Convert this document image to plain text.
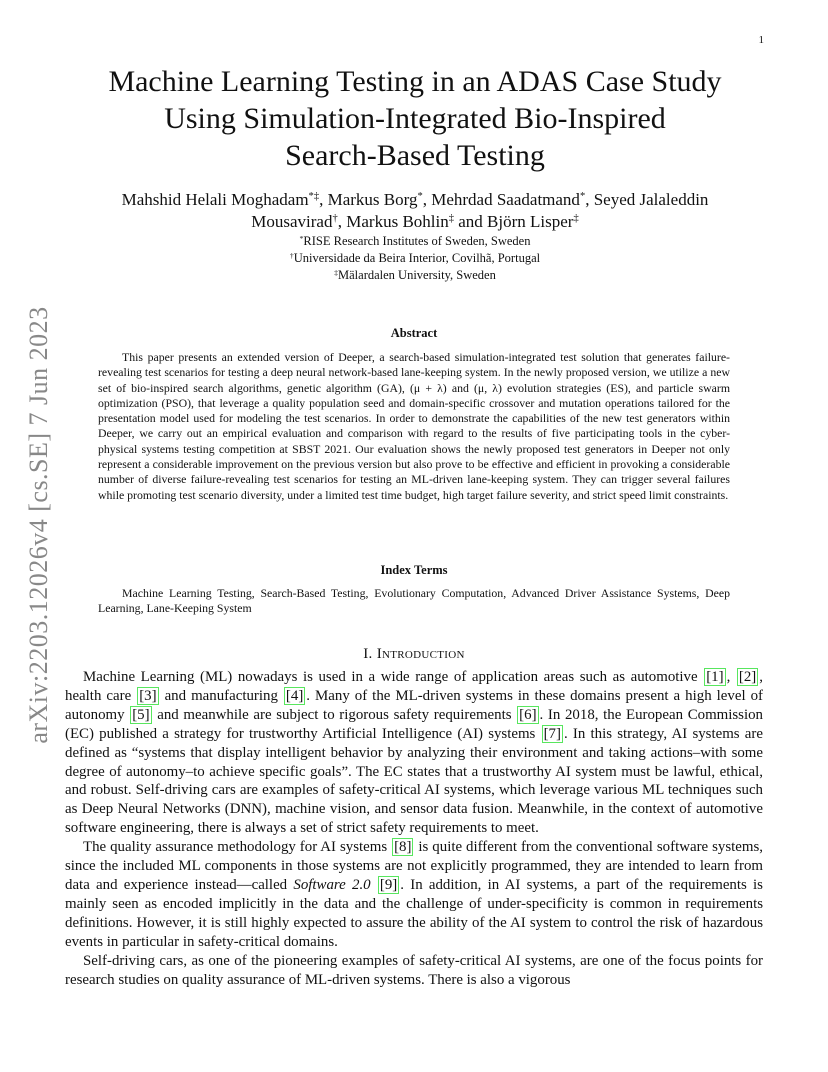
1
arXiv:2203.12026v4 [cs.SE] 7 Jun 2023
Machine Learning Testing in an ADAS Case Study
Using Simulation-Integrated Bio-Inspired
Search-Based Testing
Mahshid Helali Moghadam*‡, Markus Borg*, Mehrdad Saadatmand*, Seyed Jalaleddin
Mousavirad†, Markus Bohlin‡ and Björn Lisper‡
*RISE Research Institutes of Sweden, Sweden
†Universidade da Beira Interior, Covilhã, Portugal
‡Mälardalen University, Sweden
Abstract

This paper presents an extended version of Deeper, a search-based simulation-integrated test solution that generates failure-revealing test scenarios for testing a deep neural network-based lane-keeping system. In the newly proposed version, we utilize a new set of bio-inspired search algorithms, genetic algorithm (GA), (μ + λ) and (μ, λ) evolution strategies (ES), and particle swarm optimization (PSO), that leverage a quality population seed and domain-specific crossover and mutation operations tailored for the presentation model used for modeling the test scenarios. In order to demonstrate the capabilities of the new test generators within Deeper, we carry out an empirical evaluation and comparison with regard to the results of five participating tools in the cyber-physical systems testing competition at SBST 2021. Our evaluation shows the newly proposed test generators in Deeper not only represent a considerable improvement on the previous version but also prove to be effective and efficient in provoking a considerable number of diverse failure-revealing test scenarios for testing an ML-driven lane-keeping system. They can trigger several failures while promoting test scenario diversity, under a limited test time budget, high target failure severity, and strict speed limit constraints.

Index Terms

Machine Learning Testing, Search-Based Testing, Evolutionary Computation, Advanced Driver Assistance Systems, Deep Learning, Lane-Keeping System

I. Introduction

Machine Learning (ML) nowadays is used in a wide range of application areas such as automotive [1] , [2] , health care [3] and manufacturing [4] . Many of the ML-driven systems in these domains present a high level of autonomy [5] and meanwhile are subject to rigorous safety requirements [6] . In 2018, the European Commission (EC) published a strategy for trustworthy Artificial Intelligence (AI) systems [7] . In this strategy, AI systems are defined as “systems that display intelligent behavior by analyzing their environment and taking actions–with some degree of autonomy–to achieve specific goals”. The EC states that a trustworthy AI system must be lawful, ethical, and robust. Self-driving cars are examples of safety-critical AI systems, which leverage various ML techniques such as Deep Neural Networks (DNN), machine vision, and sensor data fusion. Meanwhile, in the context of automotive software engineering, there is always a set of strict safety requirements to meet.

The quality assurance methodology for AI systems [8] is quite different from the conventional software systems, since the included ML components in those systems are not explicitly programmed, they are intended to learn from data and experience instead—called Software 2.0 [9] . In addition, in AI systems, a part of the requirements is mainly seen as encoded implicitly in the data and the challenge of under-specificity is common in requirements definitions. However, it is still highly expected to assure the ability of the AI system to control the risk of hazardous events in particular in safety-critical domains.

Self-driving cars, as one of the pioneering examples of safety-critical AI systems, are one of the focus points for research studies on quality assurance of ML-driven systems. There is also a vigorous
